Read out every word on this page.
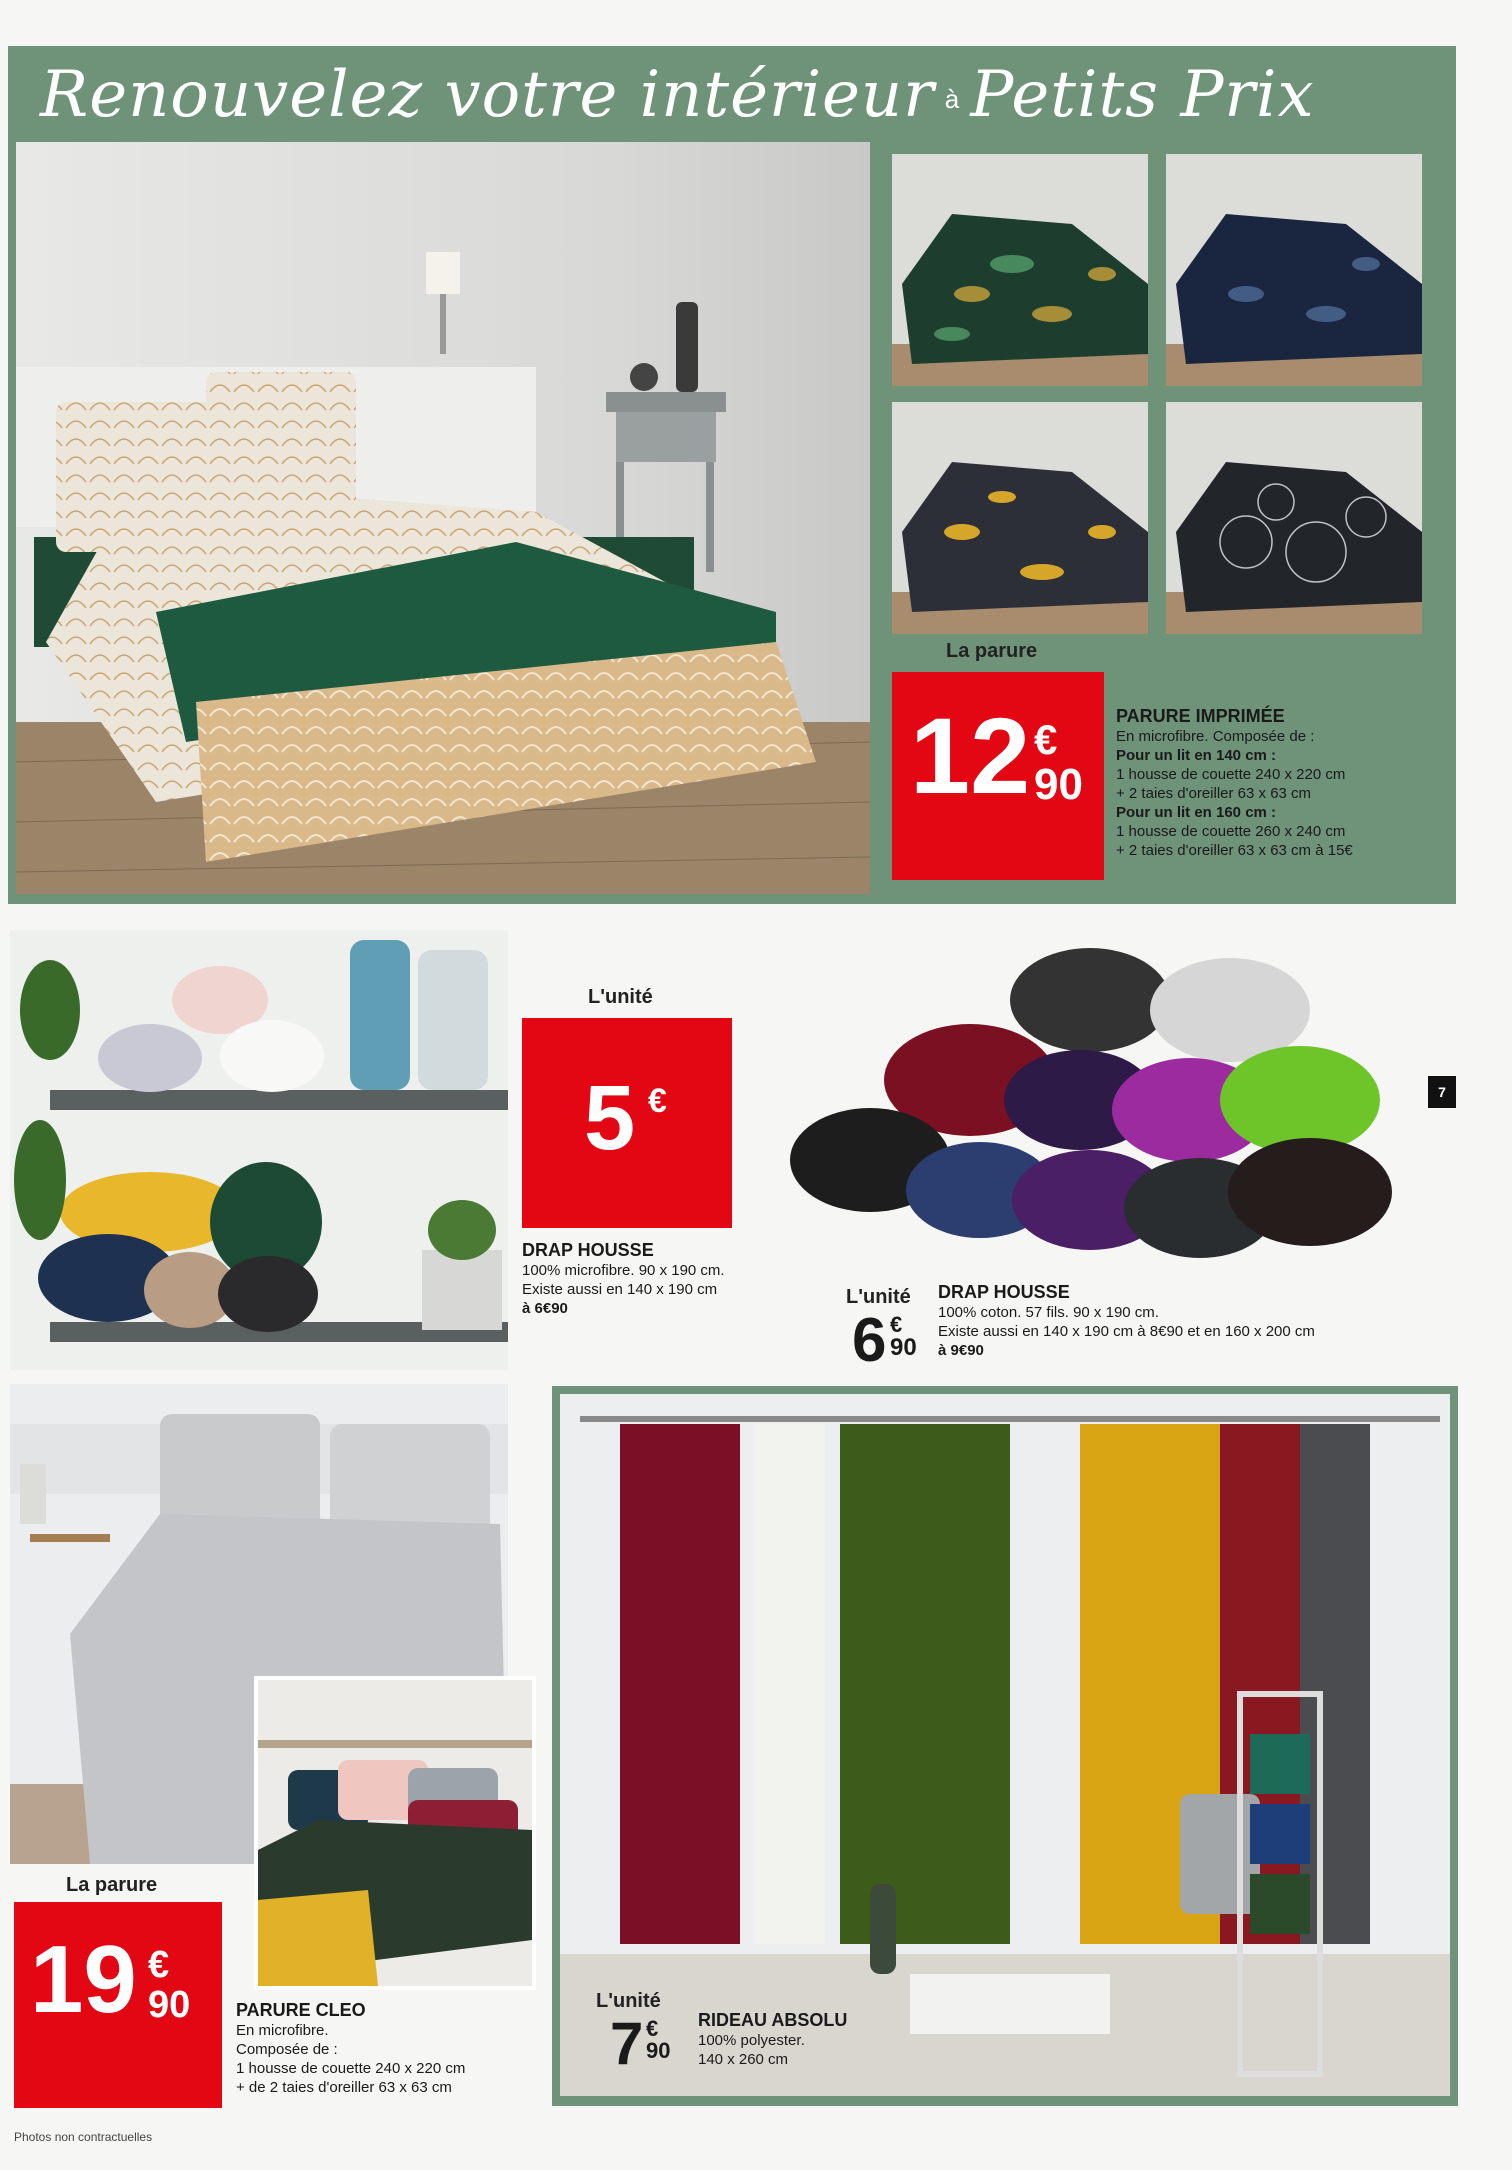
Renouvelez votre intérieur à Petits Prix
La parure
12 €
90
PARURE IMPRIMÉE
En microfibre. Composée de :
Pour un lit en 140 cm :
1 housse de couette 240 x 220 cm
+ 2 taies d'oreiller 63 x 63 cm
Pour un lit en 160 cm :
1 housse de couette 260 x 240 cm
+ 2 taies d'oreiller 63 x 63 cm à 15€
L'unité
5 €
DRAP HOUSSE
100% microfibre. 90 x 190 cm.
Existe aussi en 140 x 190 cm
à 6€90
7
L'unité
6 €
90
DRAP HOUSSE
100% coton. 57 fils. 90 x 190 cm.
Existe aussi en 140 x 190 cm à 8€90 et en 160 x 200 cm
à 9€90
La parure
19 €
90	PARURE CLEO
En microfibre.
Composée de :
1 housse de couette 240 x 220 cm
+ de 2 taies d'oreiller 63 x 63 cm
Photos non contractuelles
L'unité
7 €
90
RIDEAU ABSOLU
100% polyester.
140 x 260 cm
